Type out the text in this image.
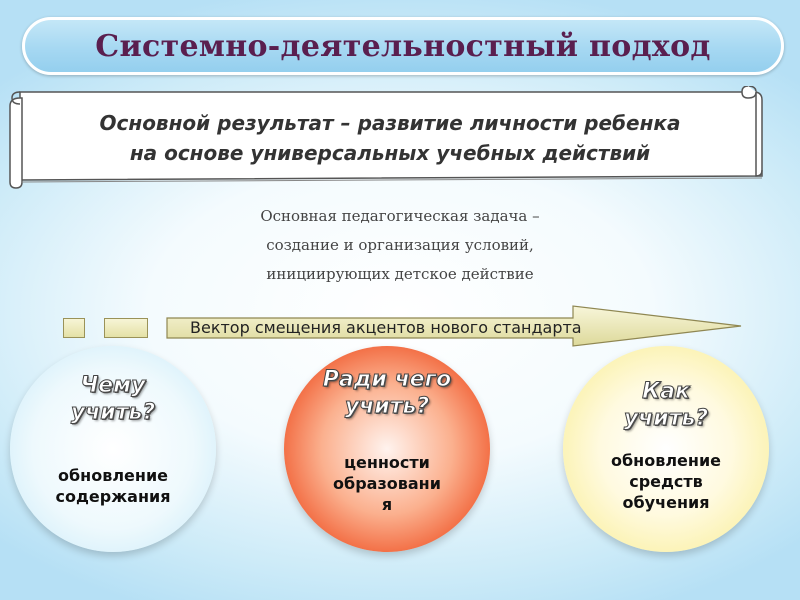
Системно-деятельностный подход
Основной результат – развитие личности ребенка
на основе универсальных учебных действий
Основная педагогическая задача –
создание и организация условий,
инициирующих детское действие
Вектор смещения акцентов нового стандарта
Чему
учить?
обновление
содержания
Ради чего
учить?
ценности
образовани
я
Как
учить?
обновление
средств
обучения
